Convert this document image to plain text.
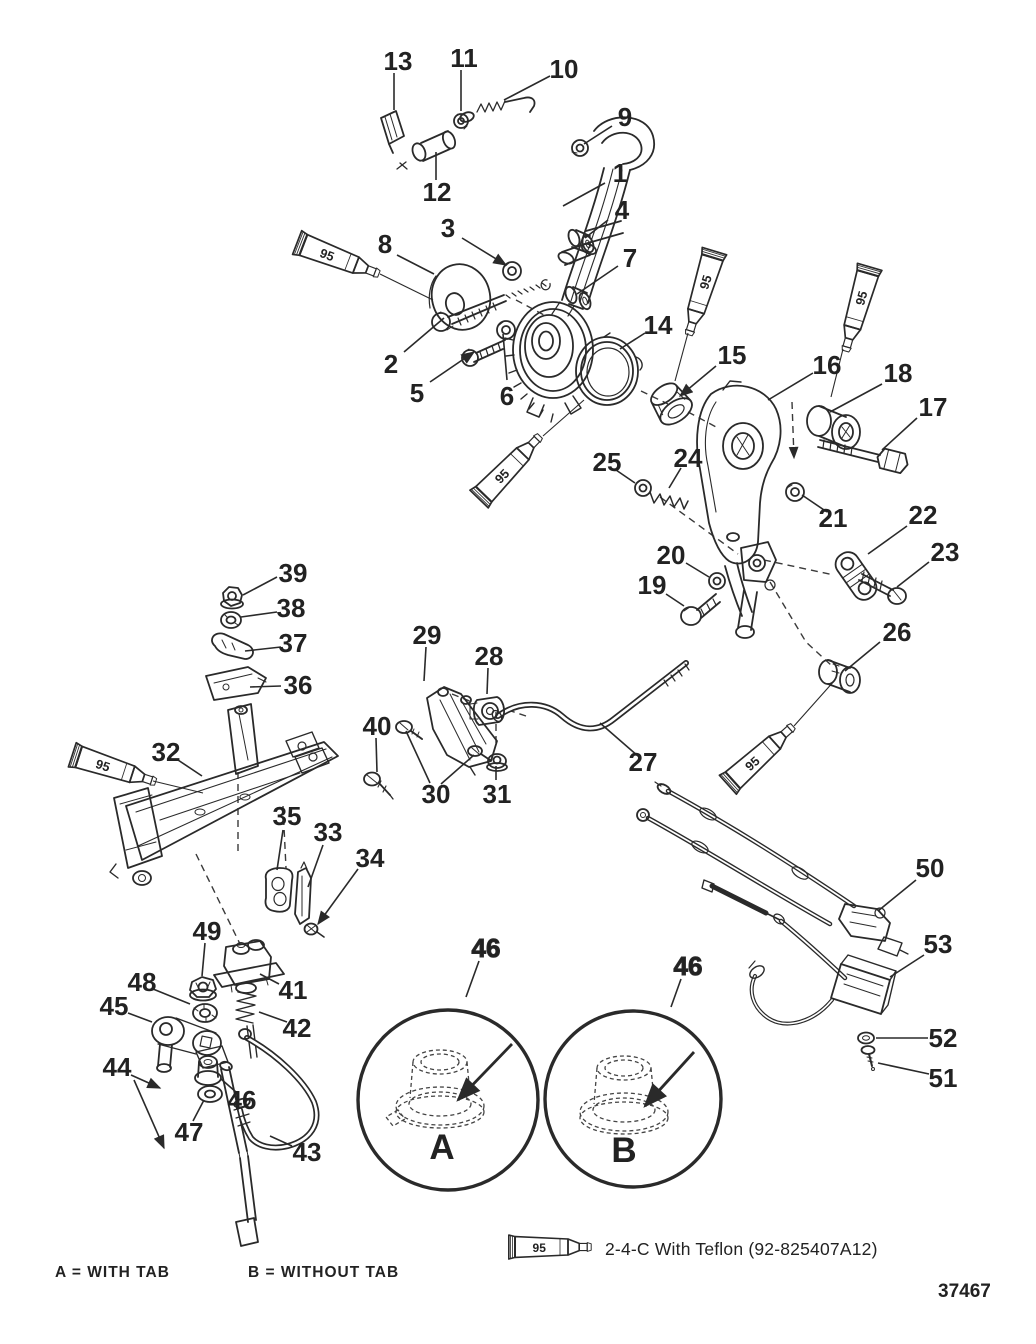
46
A
46
B
95
95
95
95
95
95
95
1
2
3
4
5	6
7
8
9
10
11
12
13
14
15	16
17
18
19
20
21 22
23
24
25
26
27
28
29
30 31
32
33
34
35
36
37
38
39
40
41
42
43
44
45
46
47
48
49
50
51
52
53
A = WITH TAB	B = WITHOUT TAB
2-4-C With Teflon (92-825407A12)
37467
